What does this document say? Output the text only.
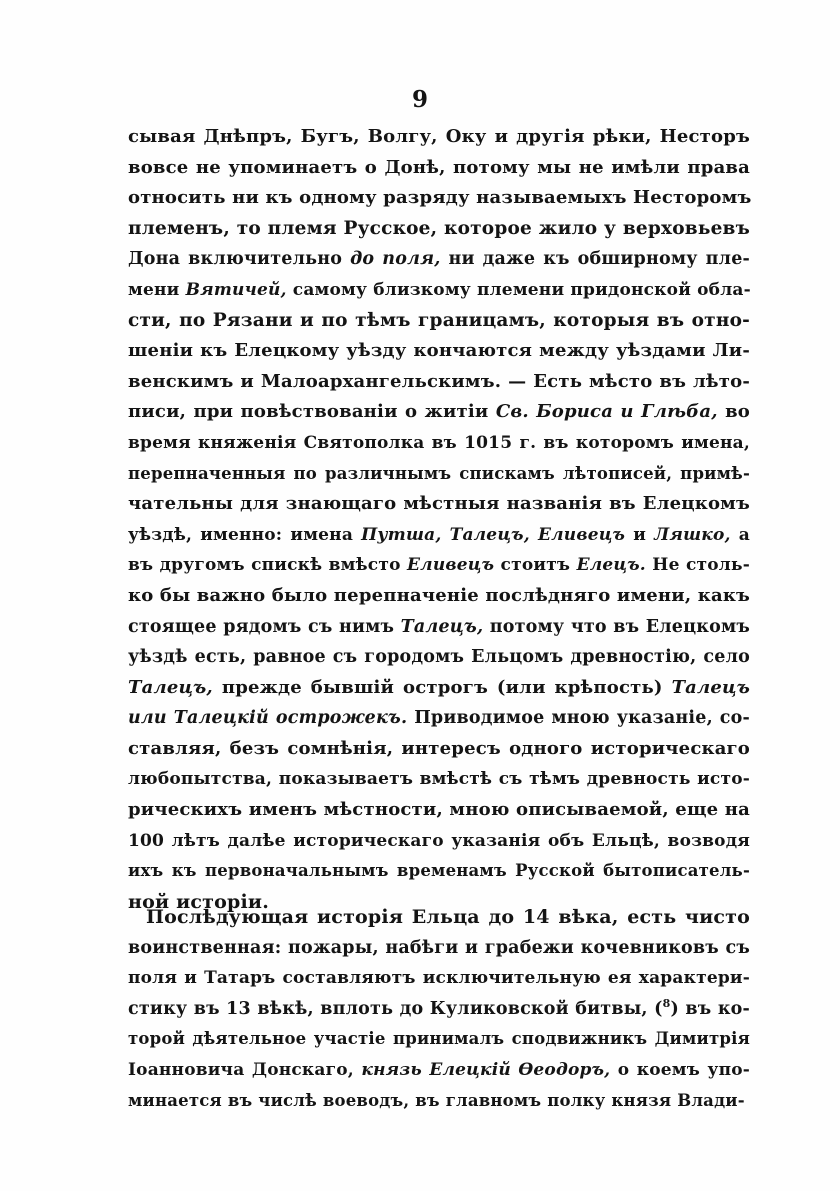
9
сывая Днѣпръ, Бугъ, Волгу, Оку и другія рѣки, Несторъ
вовсе не упоминаетъ о Донѣ, потому мы не имѣли права
относить ни къ одному разряду называемыхъ Несторомъ
племенъ, то племя Русское, которое жило у верховьевъ
Дона включительно до поля, ни даже къ обширному пле-
мени Вятичей, самому близкому племени придонской обла-
сти, по Рязани и по тѣмъ границамъ, которыя въ отно-
шеніи къ Елецкому уѣзду кончаются между уѣздами Ли-
венскимъ и Малоархангельскимъ. — Есть мѣсто въ лѣто-
писи, при повѣствованіи о житіи Св. Бориса и Глѣба, во
время княженія Святополка въ 1015 г. въ которомъ имена,
перепначенныя по различнымъ спискамъ лѣтописей, примѣ-
чательны для знающаго мѣстныя названія въ Елецкомъ
уѣздѣ, именно: имена Путша, Талецъ, Еливецъ и Ляшко, а
въ другомъ спискѣ вмѣсто Еливецъ стоитъ Елецъ. Не столь-
ко бы важно было перепначеніе послѣдняго имени, какъ
стоящее рядомъ съ нимъ Талецъ, потому что въ Елецкомъ
уѣздѣ есть, равное съ городомъ Ельцомъ древностію, село
Талецъ, прежде бывшій острогъ (или крѣпость) Талецъ
или Талецкій острожекъ. Приводимое мною указаніе, со-
ставляя, безъ сомнѣнія, интересъ одного историческаго
любопытства, показываетъ вмѣстѣ съ тѣмъ древность исто-
рическихъ именъ мѣстности, мною описываемой, еще на
100 лѣтъ далѣе историческаго указанія объ Ельцѣ, возводя
ихъ къ первоначальнымъ временамъ Русской бытописатель-
ной исторіи.
Послѣдующая исторія Ельца до 14 вѣка, есть чисто
воинственная: пожары, набѣги и грабежи кочевниковъ съ
поля и Татаръ составляютъ исключительную ея характери-
стику въ 13 вѣкѣ, вплоть до Куликовской битвы, ($^8$) въ ко-
торой дѣятельное участіе принималъ сподвижникъ Димитрія
Іоанновича Донскаго, князь Елецкій Ѳеодоръ, о коемъ упо-
минается въ числѣ воеводъ, въ главномъ полку князя Влади-
